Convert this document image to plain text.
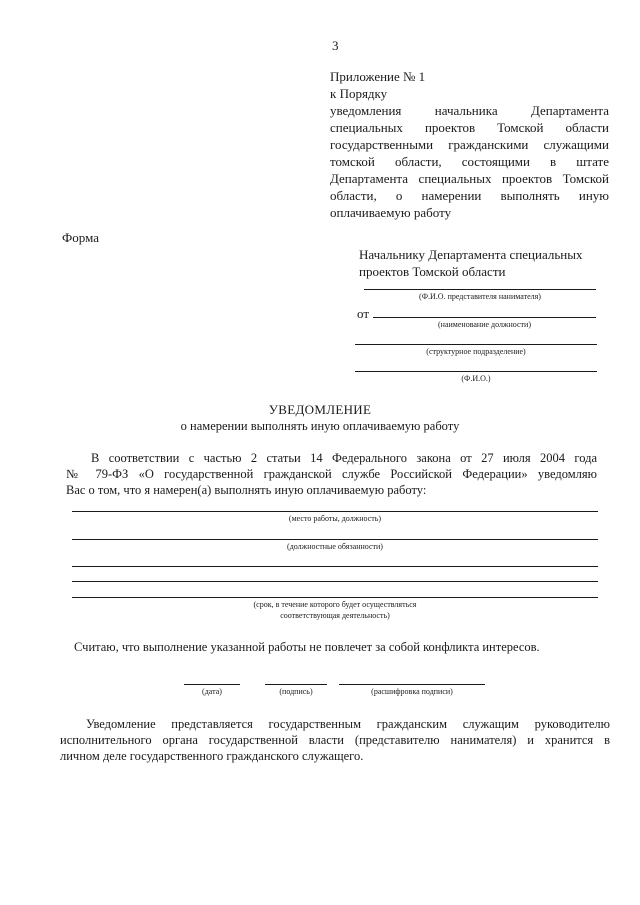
3
Приложение № 1
к Порядку
уведомления начальника Департамента
специальных проектов Томской области
государственными гражданскими служащими
томской области, состоящими в штате
Департамента специальных проектов Томской
области, о намерении выполнять иную
оплачиваемую работу
Форма
Начальнику Департамента специальных
проектов Томской области
(Ф.И.О. представителя нанимателя)
от
(наименование должности)
(структурное подразделение)
(Ф.И.О.)
УВЕДОМЛЕНИЕ
о намерении выполнять иную оплачиваемую работу
В соответствии с частью 2 статьи 14 Федерального закона от 27 июля 2004 года
№ 79-ФЗ «О государственной гражданской службе Российской Федерации» уведомляю
Вас о том, что я намерен(а) выполнять иную оплачиваемую работу:
(место работы, должность)
(должностные обязанности)
(срок, в течение которого будет осуществляться
соответствующая деятельность)
Считаю, что выполнение указанной работы не повлечет за собой конфликта интересов.
(дата)	(подпись)	(расшифровка подписи)
Уведомление представляется государственным гражданским служащим руководителю
исполнительного органа государственной власти (представителю нанимателя) и хранится в
личном деле государственного гражданского служащего.
